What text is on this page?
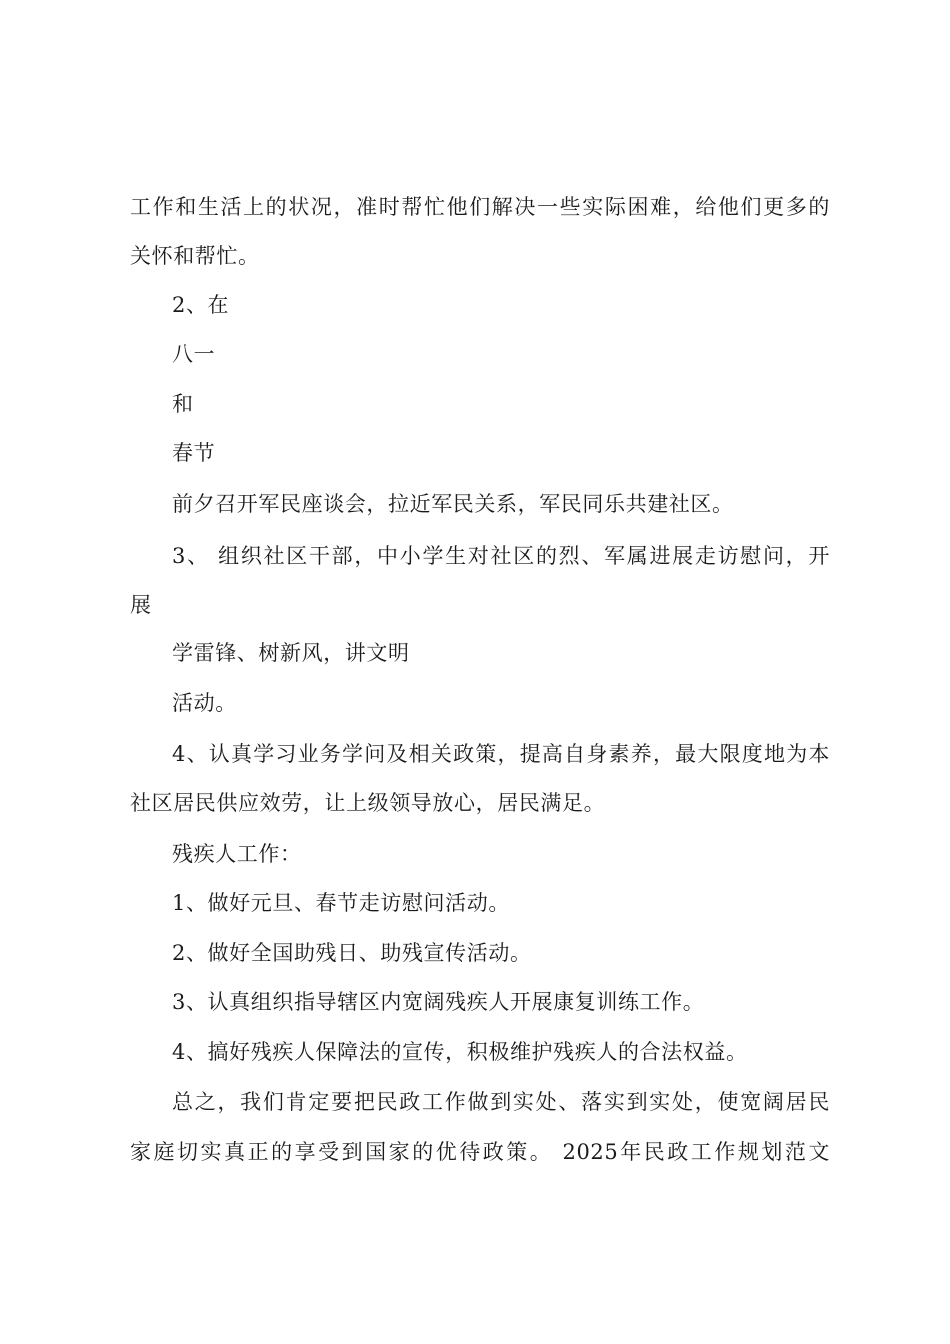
工作和生活上的状况，准时帮忙他们解决一些实际困难，给他们更多的
关怀和帮忙。
2、在
八一
和
春节
前夕召开军民座谈会，拉近军民关系，军民同乐共建社区。
3、 组织社区干部，中小学生对社区的烈、军属进展走访慰问，开
展
学雷锋、树新风，讲文明
活动。
4、认真学习业务学问及相关政策，提高自身素养，最大限度地为本
社区居民供应效劳，让上级领导放心，居民满足。
残疾人工作：
1、做好元旦、春节走访慰问活动。
2、做好全国助残日、助残宣传活动。
3、认真组织指导辖区内宽阔残疾人开展康复训练工作。
4、搞好残疾人保障法的宣传，积极维护残疾人的合法权益。
总之，我们肯定要把民政工作做到实处、落实到实处，使宽阔居民
家庭切实真正的享受到国家的优待政策。 2025年民政工作规划范文
